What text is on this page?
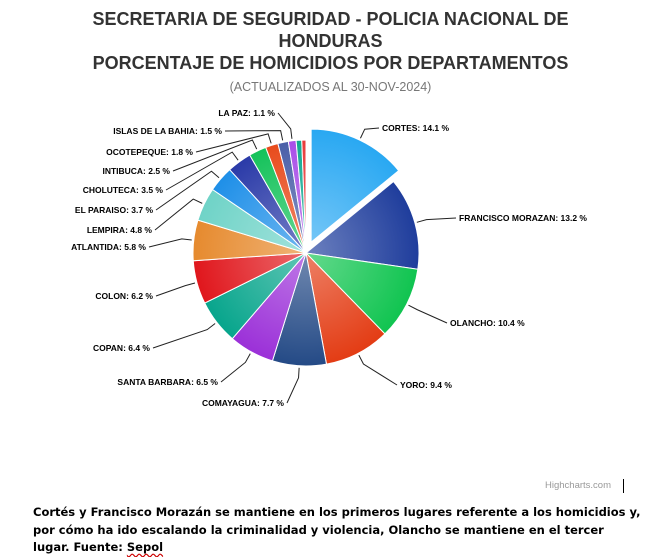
SECRETARIA DE SEGURIDAD - POLICIA NACIONAL DE
HONDURAS
PORCENTAJE DE HOMICIDIOS POR DEPARTAMENTOS
(ACTUALIZADOS AL 30-NOV-2024)
CORTES: 14.1 %
FRANCISCO MORAZAN: 13.2 %
OLANCHO: 10.4 %
YORO: 9.4 %
COMAYAGUA: 7.7 %
SANTA BARBARA: 6.5 %
COPAN: 6.4 %
COLON: 6.2 %
ATLANTIDA: 5.8 %
LEMPIRA: 4.8 %
EL PARAISO: 3.7 %
CHOLUTECA: 3.5 %
INTIBUCA: 2.5 %
OCOTEPEQUE: 1.8 %
ISLAS DE LA BAHIA: 1.5 %
LA PAZ: 1.1 %
Highcharts.com
Cortés y Francisco Morazán se mantiene en los primeros lugares referente a los homicidios y, por cómo ha ido escalando la criminalidad y violencia, Olancho se mantiene en el tercer lugar. Fuente: Sepol
